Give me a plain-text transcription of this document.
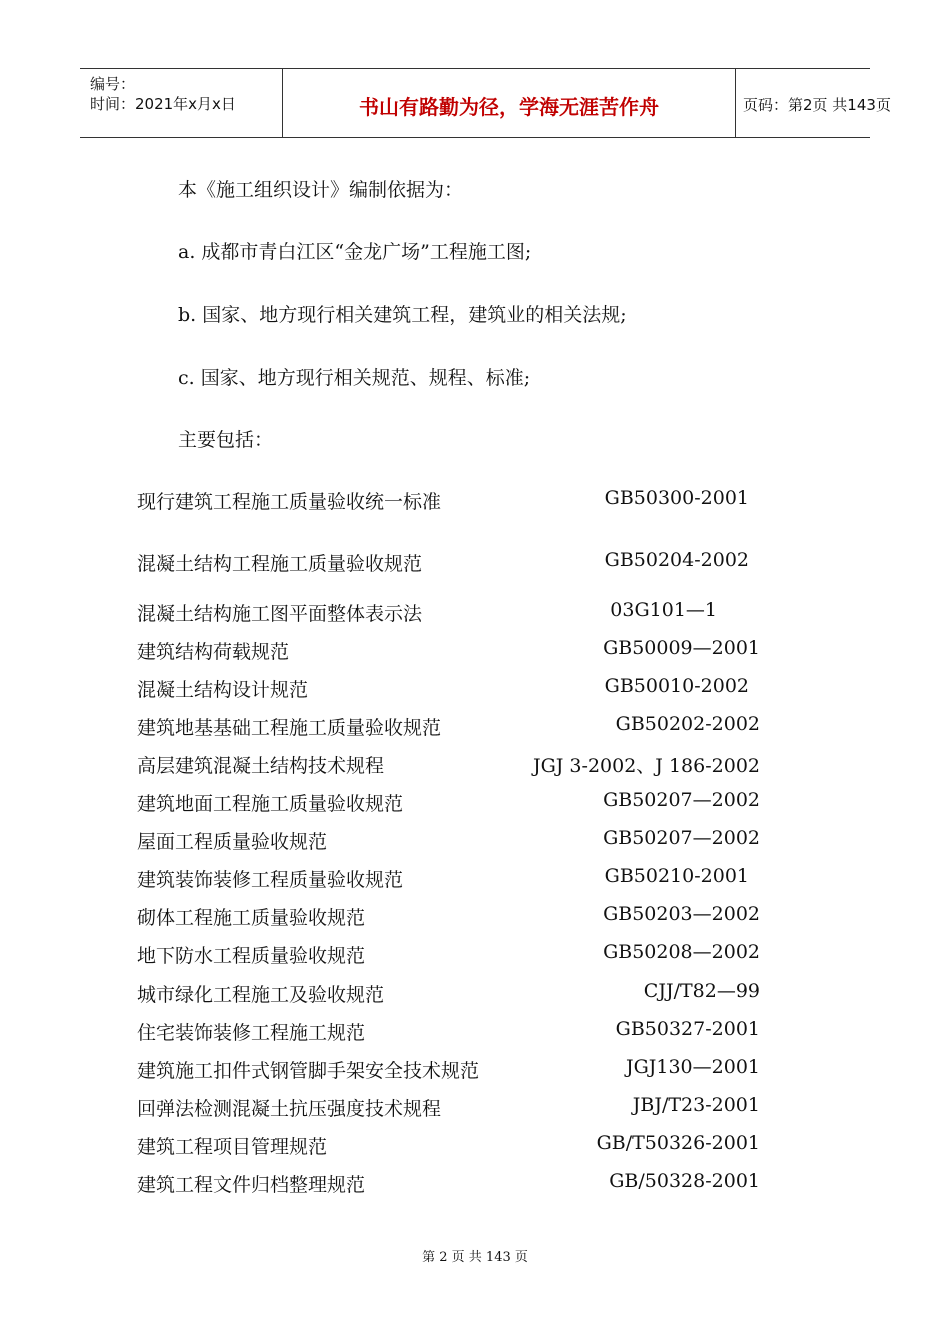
编号：
时间：2021年x月x日	书山有路勤为径，学海无涯苦作舟	页码：第2页 共143页
本《施工组织设计》编制依据为：
a. 成都市青白江区“金龙广场”工程施工图;
b. 国家、地方现行相关建筑工程，建筑业的相关法规;
c. 国家、地方现行相关规范、规程、标准;
主要包括：
现行建筑工程施工质量验收统一标准	GB50300-2001
混凝土结构工程施工质量验收规范	GB50204-2002
混凝土结构施工图平面整体表示法	03G101—1
建筑结构荷载规范	GB50009—2001
混凝土结构设计规范	GB50010-2002
建筑地基基础工程施工质量验收规范	GB50202-2002
高层建筑混凝土结构技术规程	JGJ 3-2002、J 186-2002
建筑地面工程施工质量验收规范	GB50207—2002
屋面工程质量验收规范	GB50207—2002
建筑装饰装修工程质量验收规范	GB50210-2001
砌体工程施工质量验收规范	GB50203—2002
地下防水工程质量验收规范	GB50208—2002
城市绿化工程施工及验收规范	CJJ/T82—99
住宅装饰装修工程施工规范	GB50327-2001
建筑施工扣件式钢管脚手架安全技术规范	JGJ130—2001
回弹法检测混凝土抗压强度技术规程	JBJ/T23-2001
建筑工程项目管理规范	GB/T50326-2001
建筑工程文件归档整理规范	GB/50328-2001
第 2 页 共 143 页
